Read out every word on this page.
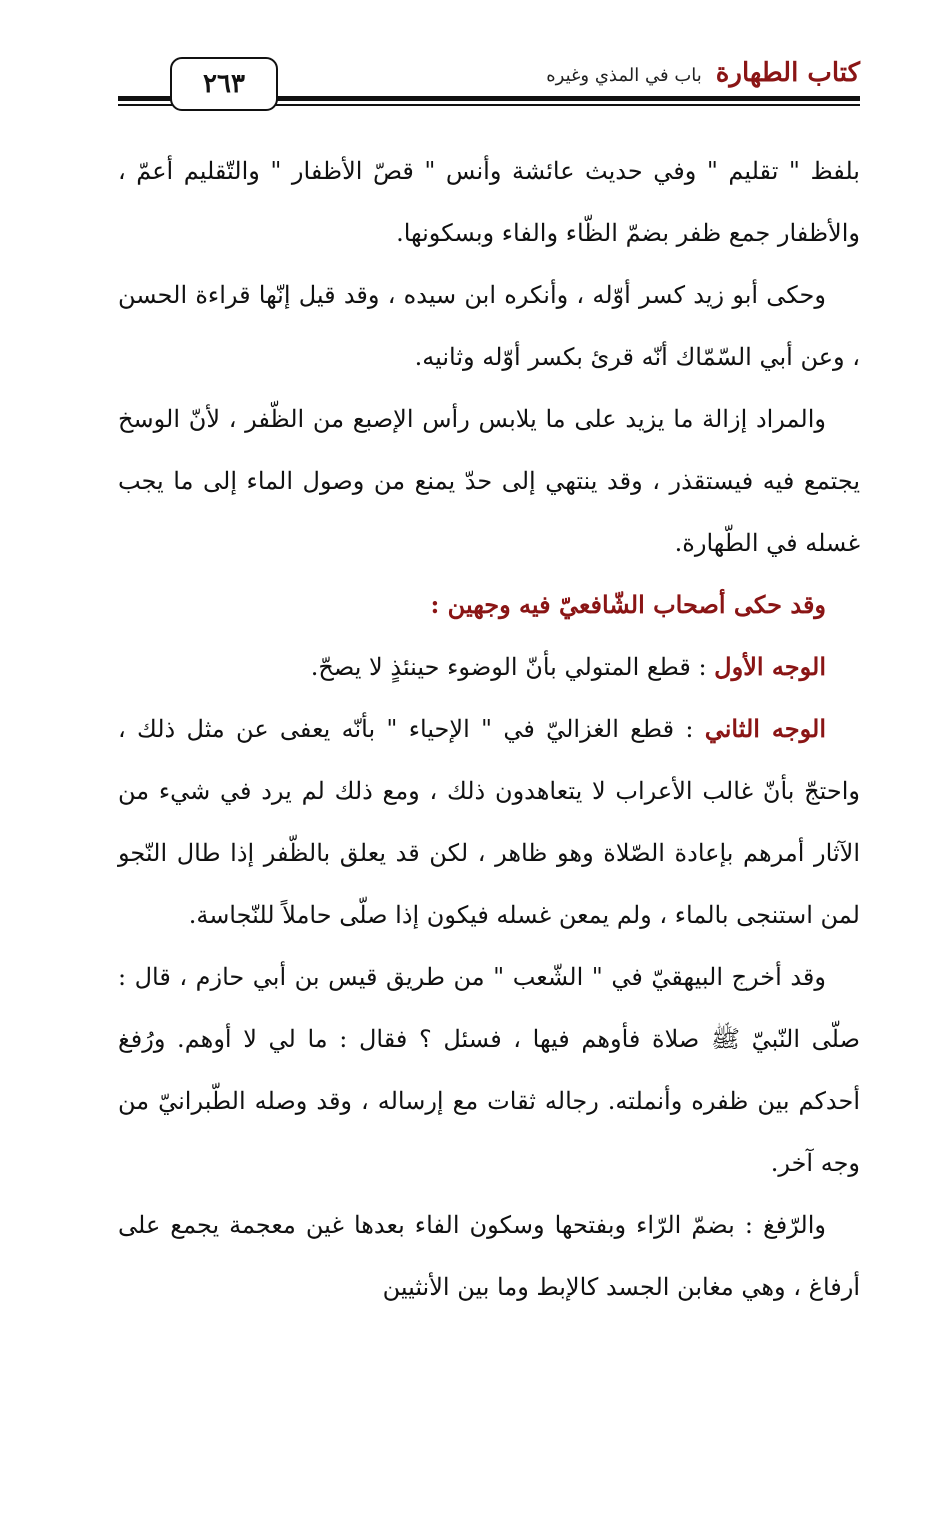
٢٦٣	كتاب الطهارة
باب في المذي وغيره

بلفظ " تقليم " وفي حديث عائشة وأنس " قصّ الأظفار " والتّقليم أعمّ ، والأظفار جمع ظفر بضمّ الظّاء والفاء وبسكونها.

وحكى أبو زيد كسر أوّله ، وأنكره ابن سيده ، وقد قيل إنّها قراءة الحسن ، وعن أبي السّمّاك أنّه قرئ بكسر أوّله وثانيه.

والمراد إزالة ما يزيد على ما يلابس رأس الإصبع من الظّفر ، لأنّ الوسخ يجتمع فيه فيستقذر ، وقد ينتهي إلى حدّ يمنع من وصول الماء إلى ما يجب غسله في الطّهارة.

وقد حكى أصحاب الشّافعيّ فيه وجهين :

الوجه الأول : قطع المتولي بأنّ الوضوء حينئذٍ لا يصحّ.

الوجه الثاني : قطع الغزاليّ في " الإحياء " بأنّه يعفى عن مثل ذلك ، واحتجّ بأنّ غالب الأعراب لا يتعاهدون ذلك ، ومع ذلك لم يرد في شيء من الآثار أمرهم بإعادة الصّلاة وهو ظاهر ، لكن قد يعلق بالظّفر إذا طال النّجو لمن استنجى بالماء ، ولم يمعن غسله فيكون إذا صلّى حاملاً للنّجاسة.

وقد أخرج البيهقيّ في " الشّعب " من طريق قيس بن أبي حازم ، قال : صلّى النّبيّ ﷺ صلاة فأوهم فيها ، فسئل ؟ فقال : ما لي لا أوهم. ورُفغ أحدكم بين ظفره وأنملته. رجاله ثقات مع إرساله ، وقد وصله الطّبرانيّ من وجه آخر.

والرّفغ : بضمّ الرّاء وبفتحها وسكون الفاء بعدها غين معجمة يجمع على أرفاغ ، وهي مغابن الجسد كالإبط وما بين الأنثيين
